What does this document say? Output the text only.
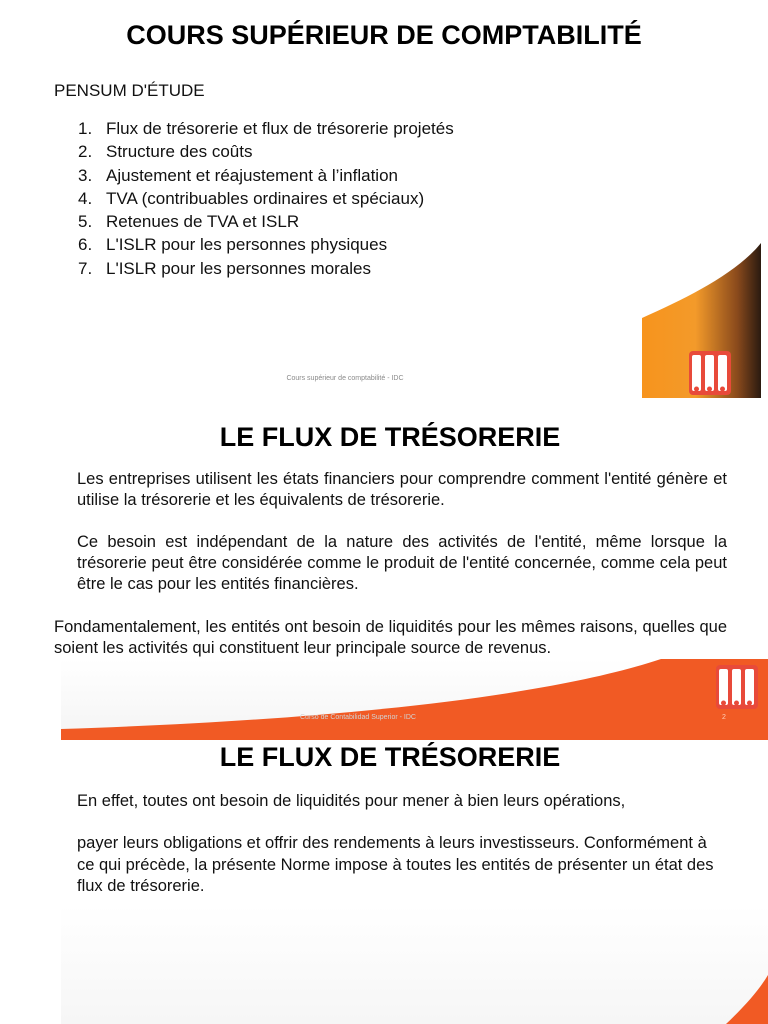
COURS SUPÉRIEUR DE COMPTABILITÉ
PENSUM D'ÉTUDE
1. Flux de trésorerie et flux de trésorerie projetés
2. Structure des coûts
3. Ajustement et réajustement à l’inflation
4. TVA (contribuables ordinaires et spéciaux)
5. Retenues de TVA et ISLR
6. L'ISLR pour les personnes physiques
7. L'ISLR pour les personnes morales
Cours supérieur de comptabilité - IDC
LE FLUX DE TRÉSORERIE

Les entreprises utilisent les états financiers pour comprendre comment l'entité génère et utilise la trésorerie et les équivalents de trésorerie.

Ce besoin est indépendant de la nature des activités de l'entité, même lorsque la trésorerie peut être considérée comme le produit de l'entité concernée, comme cela peut être le cas pour les entités financières.

Fondamentalement, les entités ont besoin de liquidités pour les mêmes raisons, quelles que soient les activités qui constituent leur principale source de revenus.

Curso de Contabilidad Superior - IDC	2
LE FLUX DE TRÉSORERIE

En effet, toutes ont besoin de liquidités pour mener à bien leurs opérations,

payer leurs obligations et offrir des rendements à leurs investisseurs. Conformément à ce qui précède, la présente Norme impose à toutes les entités de présenter un état des flux de trésorerie.
